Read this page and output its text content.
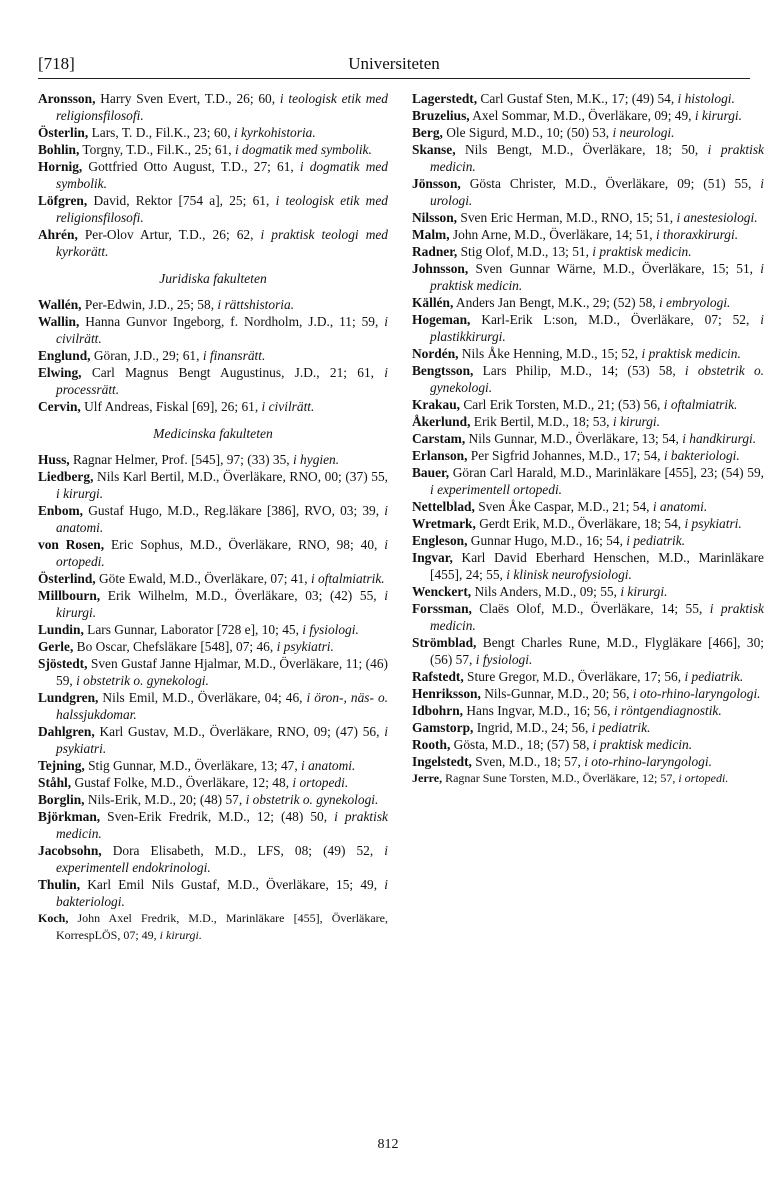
[718]	Universiteten

Aronsson, Harry Sven Evert, T.D., 26; 60, i teologisk etik med religionsfilosofi.

Österlin, Lars, T. D., Fil.K., 23; 60, i kyrkohistoria.

Bohlin, Torgny, T.D., Fil.K., 25; 61, i dogmatik med symbolik.

Hornig, Gottfried Otto August, T.D., 27; 61, i dogmatik med symbolik.

Löfgren, David, Rektor [754 a], 25; 61, i teologisk etik med religionsfilosofi.

Ahrén, Per-Olov Artur, T.D., 26; 62, i praktisk teologi med kyrkorätt.

Juridiska fakulteten

Wallén, Per-Edwin, J.D., 25; 58, i rättshistoria.

Wallin, Hanna Gunvor Ingeborg, f. Nordholm, J.D., 11; 59, i civilrätt.

Englund, Göran, J.D., 29; 61, i finansrätt.

Elwing, Carl Magnus Bengt Augustinus, J.D., 21; 61, i processrätt.

Cervin, Ulf Andreas, Fiskal [69], 26; 61, i civilrätt.

Medicinska fakulteten

Huss, Ragnar Helmer, Prof. [545], 97; (33) 35, i hygien.

Liedberg, Nils Karl Bertil, M.D., Överläkare, RNO, 00; (37) 55, i kirurgi.

Enbom, Gustaf Hugo, M.D., Reg.läkare [386], RVO, 03; 39, i anatomi.

von Rosen, Eric Sophus, M.D., Överläkare, RNO, 98; 40, i ortopedi.

Österlind, Göte Ewald, M.D., Överläkare, 07; 41, i oftalmiatrik.

Millbourn, Erik Wilhelm, M.D., Överläkare, 03; (42) 55, i kirurgi.

Lundin, Lars Gunnar, Laborator [728 e], 10; 45, i fysiologi.

Gerle, Bo Oscar, Chefsläkare [548], 07; 46, i psykiatri.

Sjöstedt, Sven Gustaf Janne Hjalmar, M.D., Överläkare, 11; (46) 59, i obstetrik o. gynekologi.

Lundgren, Nils Emil, M.D., Överläkare, 04; 46, i öron-, näs- o. halssjukdomar.

Dahlgren, Karl Gustav, M.D., Överläkare, RNO, 09; (47) 56, i psykiatri.

Tejning, Stig Gunnar, M.D., Överläkare, 13; 47, i anatomi.

Ståhl, Gustaf Folke, M.D., Överläkare, 12; 48, i ortopedi.

Borglin, Nils-Erik, M.D., 20; (48) 57, i obstetrik o. gynekologi.

Björkman, Sven-Erik Fredrik, M.D., 12; (48) 50, i praktisk medicin.

Jacobsohn, Dora Elisabeth, M.D., LFS, 08; (49) 52, i experimentell endokrinologi.

Thulin, Karl Emil Nils Gustaf, M.D., Överläkare, 15; 49, i bakteriologi.

Koch, John Axel Fredrik, M.D., Marinläkare [455], Överläkare, KorrespLÖS, 07; 49, i kirurgi.

Lagerstedt, Carl Gustaf Sten, M.K., 17; (49) 54, i histologi.

Bruzelius, Axel Sommar, M.D., Överläkare, 09; 49, i kirurgi.

Berg, Ole Sigurd, M.D., 10; (50) 53, i neurologi.

Skanse, Nils Bengt, M.D., Överläkare, 18; 50, i praktisk medicin.

Jönsson, Gösta Christer, M.D., Överläkare, 09; (51) 55, i urologi.

Nilsson, Sven Eric Herman, M.D., RNO, 15; 51, i anestesiologi.

Malm, John Arne, M.D., Överläkare, 14; 51, i thoraxkirurgi.

Radner, Stig Olof, M.D., 13; 51, i praktisk medicin.

Johnsson, Sven Gunnar Wärne, M.D., Överläkare, 15; 51, i praktisk medicin.

Källén, Anders Jan Bengt, M.K., 29; (52) 58, i embryologi.

Hogeman, Karl-Erik L:son, M.D., Överläkare, 07; 52, i plastikkirurgi.

Nordén, Nils Åke Henning, M.D., 15; 52, i praktisk medicin.

Bengtsson, Lars Philip, M.D., 14; (53) 58, i obstetrik o. gynekologi.

Krakau, Carl Erik Torsten, M.D., 21; (53) 56, i oftalmiatrik.

Åkerlund, Erik Bertil, M.D., 18; 53, i kirurgi.

Carstam, Nils Gunnar, M.D., Överläkare, 13; 54, i handkirurgi.

Erlanson, Per Sigfrid Johannes, M.D., 17; 54, i bakteriologi.

Bauer, Göran Carl Harald, M.D., Marinläkare [455], 23; (54) 59, i experimentell ortopedi.

Nettelblad, Sven Åke Caspar, M.D., 21; 54, i anatomi.

Wretmark, Gerdt Erik, M.D., Överläkare, 18; 54, i psykiatri.

Engleson, Gunnar Hugo, M.D., 16; 54, i pediatrik.

Ingvar, Karl David Eberhard Henschen, M.D., Marinläkare [455], 24; 55, i klinisk neurofysiologi.

Wenckert, Nils Anders, M.D., 09; 55, i kirurgi.

Forssman, Claës Olof, M.D., Överläkare, 14; 55, i praktisk medicin.

Strömblad, Bengt Charles Rune, M.D., Flygläkare [466], 30; (56) 57, i fysiologi.

Rafstedt, Sture Gregor, M.D., Överläkare, 17; 56, i pediatrik.

Henriksson, Nils-Gunnar, M.D., 20; 56, i oto-rhino-laryngologi.

Idbohrn, Hans Ingvar, M.D., 16; 56, i röntgendiagnostik.

Gamstorp, Ingrid, M.D., 24; 56, i pediatrik.

Rooth, Gösta, M.D., 18; (57) 58, i praktisk medicin.

Ingelstedt, Sven, M.D., 18; 57, i oto-rhino-laryngologi.

Jerre, Ragnar Sune Torsten, M.D., Överläkare, 12; 57, i ortopedi.

812
